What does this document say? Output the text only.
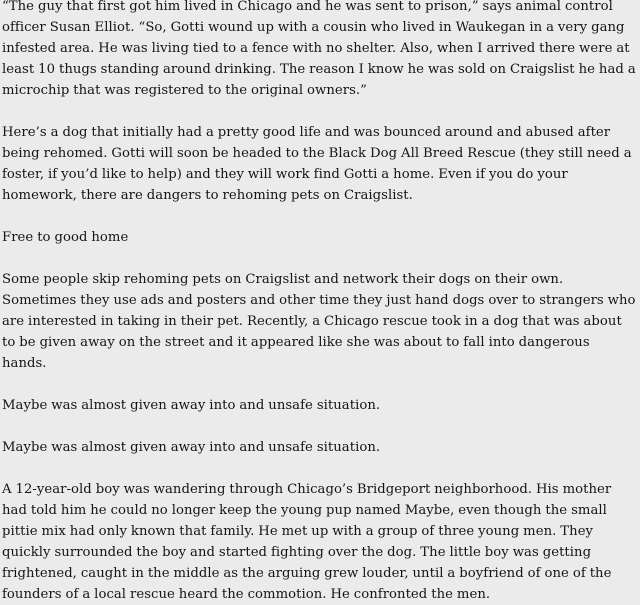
“The guy that first got him lived in Chicago and he was sent to prison,” says animal control officer Susan Elliot. “So, Gotti wound up with a cousin who lived in Waukegan in a very gang infested area. He was living tied to a fence with no shelter. Also, when I arrived there were at least 10 thugs standing around drinking. The reason I know he was sold on Craigslist he had a microchip that was registered to the original owners.”

Here’s a dog that initially had a pretty good life and was bounced around and abused after being rehomed. Gotti will soon be headed to the Black Dog All Breed Rescue (they still need a foster, if you’d like to help) and they will work find Gotti a home. Even if you do your homework, there are dangers to rehoming pets on Craigslist.

Free to good home

Some people skip rehoming pets on Craigslist and network their dogs on their own. Sometimes they use ads and posters and other time they just hand dogs over to strangers who are interested in taking in their pet. Recently, a Chicago rescue took in a dog that was about to be given away on the street and it appeared like she was about to fall into dangerous hands.

Maybe was almost given away into and unsafe situation.

Maybe was almost given away into and unsafe situation.

A 12-year-old boy was wandering through Chicago’s Bridgeport neighborhood. His mother had told him he could no longer keep the young pup named Maybe, even though the small pittie mix had only known that family. He met up with a group of three young men. They quickly surrounded the boy and started fighting over the dog. The little boy was getting frightened, caught in the middle as the arguing grew louder, until a boyfriend of one of the founders of a local rescue heard the commotion. He confronted the men.
